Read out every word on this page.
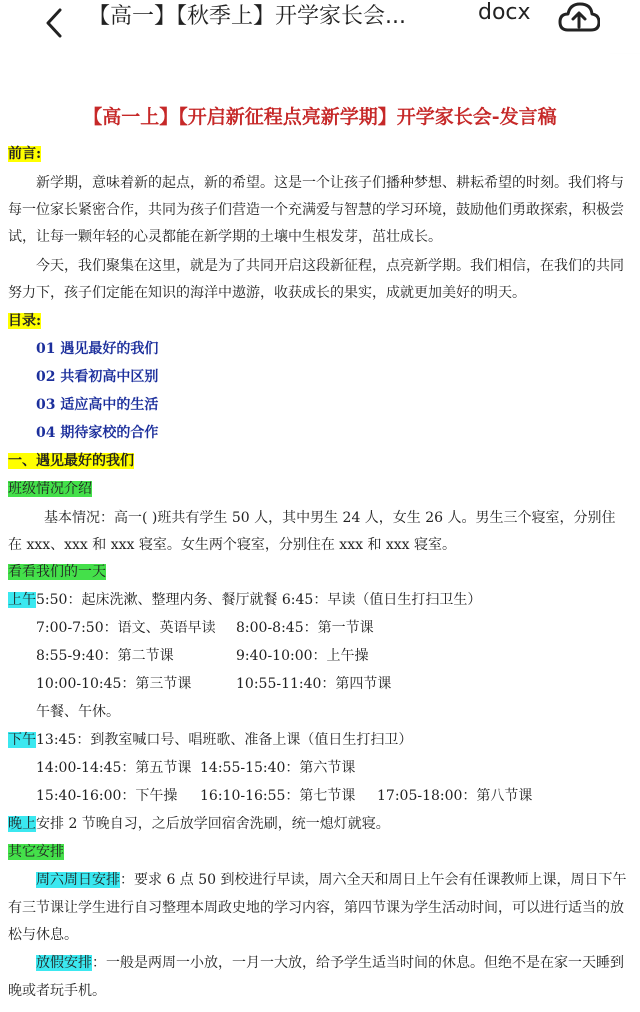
【高一】【秋季上】开学家长会...	docx
【高一上】【开启新征程点亮新学期】开学家长会-发言稿
前言:
新学期，意味着新的起点，新的希望。这是一个让孩子们播种梦想、耕耘希望的时刻。我们将与
每一位家长紧密合作，共同为孩子们营造一个充满爱与智慧的学习环境，鼓励他们勇敢探索，积极尝
试，让每一颗年轻的心灵都能在新学期的土壤中生根发芽，茁壮成长。
今天，我们聚集在这里，就是为了共同开启这段新征程，点亮新学期。我们相信，在我们的共同
努力下，孩子们定能在知识的海洋中遨游，收获成长的果实，成就更加美好的明天。
目录:
01 遇见最好的我们
02 共看初高中区别
03 适应高中的生活
04 期待家校的合作
一、遇见最好的我们
班级情况介绍
基本情况：高一( )班共有学生 50 人，其中男生 24 人，女生 26 人。男生三个寝室，分别住
在 xxx、xxx 和 xxx 寝室。女生两个寝室，分别住在 xxx 和 xxx 寝室。
看看我们的一天
上午5:50：起床洗漱、整理内务、餐厅就餐 6:45：早读（值日生打扫卫生）
7:00-7:50：语文、英语早读 8:00-8:45：第一节课
8:55-9:40：第二节课	9:40-10:00：上午操
10:00-10:45：第三节课	10:55-11:40：第四节课
午餐、午休。
下午13:45：到教室喊口号、唱班歌、准备上课（值日生打扫卫）
14:00-14:45：第五节课 14:55-15:40：第六节课
15:40-16:00：下午操 16:10-16:55：第七节课 17:05-18:00：第八节课
晚上安排 2 节晚自习，之后放学回宿舍洗刷，统一熄灯就寝。
其它安排
周六周日安排：要求 6 点 50 到校进行早读，周六全天和周日上午会有任课教师上课，周日下午
有三节课让学生进行自习整理本周政史地的学习内容，第四节课为学生活动时间，可以进行适当的放
松与休息。
放假安排：一般是两周一小放，一月一大放，给予学生适当时间的休息。但绝不是在家一天睡到
晚或者玩手机。
